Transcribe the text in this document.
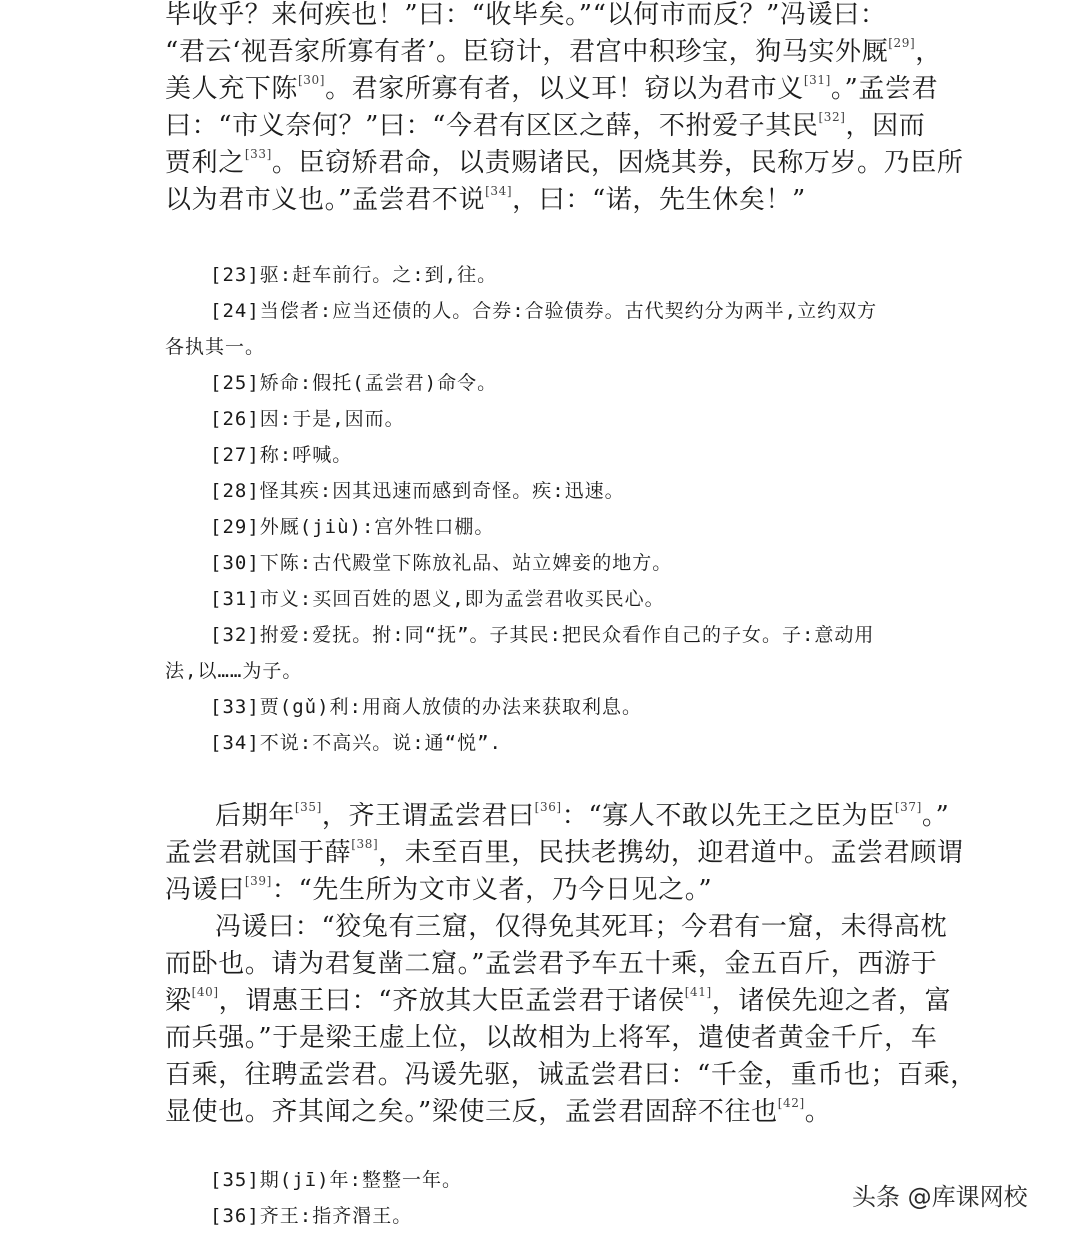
毕收乎？来何疾也！”曰：“收毕矣。”“以何市而反？”冯谖曰：
“君云‘视吾家所寡有者’。臣窃计，君宫中积珍宝，狗马实外厩[29]，
美人充下陈[30]。君家所寡有者，以义耳！窃以为君市义[31]。”孟尝君
曰：“市义奈何？”曰：“今君有区区之薛，不拊爱子其民[32]，因而
贾利之[33]。臣窃矫君命，以责赐诸民，因烧其券，民称万岁。乃臣所
以为君市义也。”孟尝君不说[34]，曰：“诺，先生休矣！”
[23]驱:赶车前行。之:到,往。
[24]当偿者:应当还债的人。合券:合验债券。古代契约分为两半,立约双方
各执其一。
[25]矫命:假托(孟尝君)命令。
[26]因:于是,因而。
[27]称:呼喊。
[28]怪其疾:因其迅速而感到奇怪。疾:迅速。
[29]外厩(jiù):宫外牲口棚。
[30]下陈:古代殿堂下陈放礼品、站立婢妾的地方。
[31]市义:买回百姓的恩义,即为孟尝君收买民心。
[32]拊爱:爱抚。拊:同“抚”。子其民:把民众看作自己的子女。子:意动用
法,以……为子。
[33]贾(gǔ)利:用商人放债的办法来获取利息。
[34]不说:不高兴。说:通“悦”.
后期年[35]，齐王谓孟尝君曰[36]：“寡人不敢以先王之臣为臣[37]。”
孟尝君就国于薛[38]，未至百里，民扶老携幼，迎君道中。孟尝君顾谓
冯谖曰[39]：“先生所为文市义者，乃今日见之。”
冯谖曰：“狡兔有三窟，仅得免其死耳；今君有一窟，未得高枕
而卧也。请为君复凿二窟。”孟尝君予车五十乘，金五百斤，西游于
梁[40]，谓惠王曰：“齐放其大臣孟尝君于诸侯[41]，诸侯先迎之者，富
而兵强。”于是梁王虚上位，以故相为上将军，遣使者黄金千斤，车
百乘，往聘孟尝君。冯谖先驱，诫孟尝君曰：“千金，重币也；百乘，
显使也。齐其闻之矣。”梁使三反，孟尝君固辞不往也[42]。
[35]期(jī)年:整整一年。
[36]齐王:指齐湣王。
头条 @库课网校
